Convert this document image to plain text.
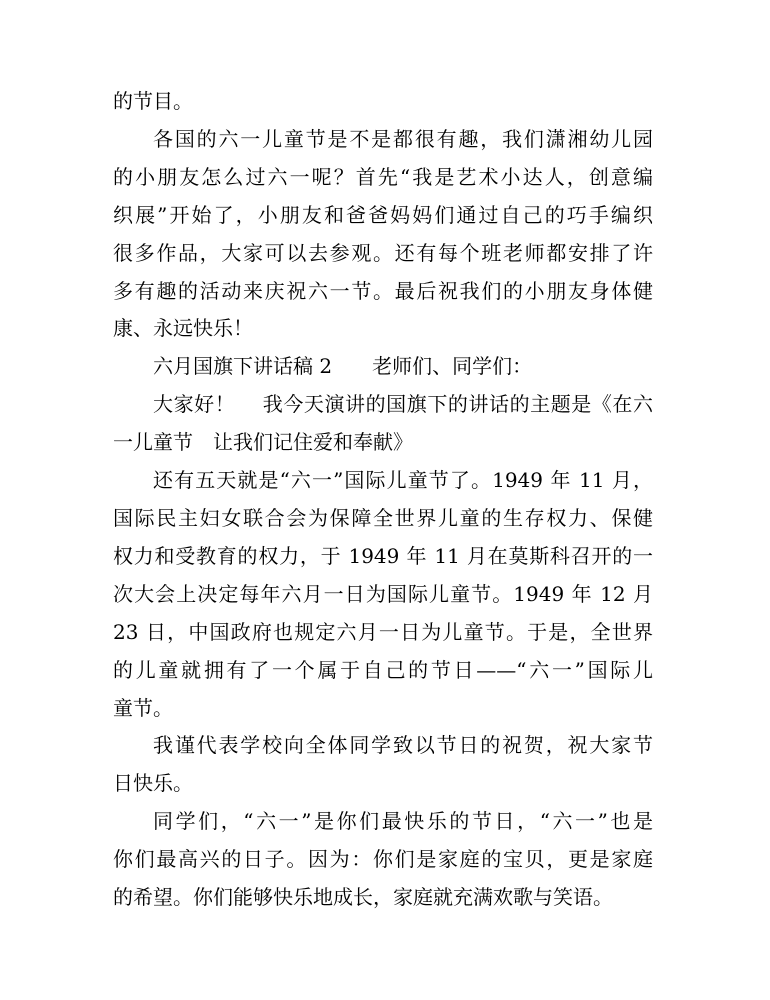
的节目。
各国的六一儿童节是不是都很有趣，我们潇湘幼儿园
的小朋友怎么过六一呢？首先“我是艺术小达人，创意编
织展”开始了，小朋友和爸爸妈妈们通过自己的巧手编织
很多作品，大家可以去参观。还有每个班老师都安排了许
多有趣的活动来庆祝六一节。最后祝我们的小朋友身体健
康、永远快乐！
六月国旗下讲话稿 2　　老师们、同学们：
大家好！　 我今天演讲的国旗下的讲话的主题是《在六
一儿童节　让我们记住爱和奉献》
还有五天就是“六一”国际儿童节了。1949 年 11 月，
国际民主妇女联合会为保障全世界儿童的生存权力、保健
权力和受教育的权力，于 1949 年 11 月在莫斯科召开的一
次大会上决定每年六月一日为国际儿童节。1949 年 12 月
23 日，中国政府也规定六月一日为儿童节。于是，全世界
的儿童就拥有了一个属于自己的节日——“六一”国际儿
童节。
我谨代表学校向全体同学致以节日的祝贺，祝大家节
日快乐。
同学们，“六一”是你们最快乐的节日，“六一”也是
你们最高兴的日子。因为：你们是家庭的宝贝，更是家庭
的希望。你们能够快乐地成长，家庭就充满欢歌与笑语。
